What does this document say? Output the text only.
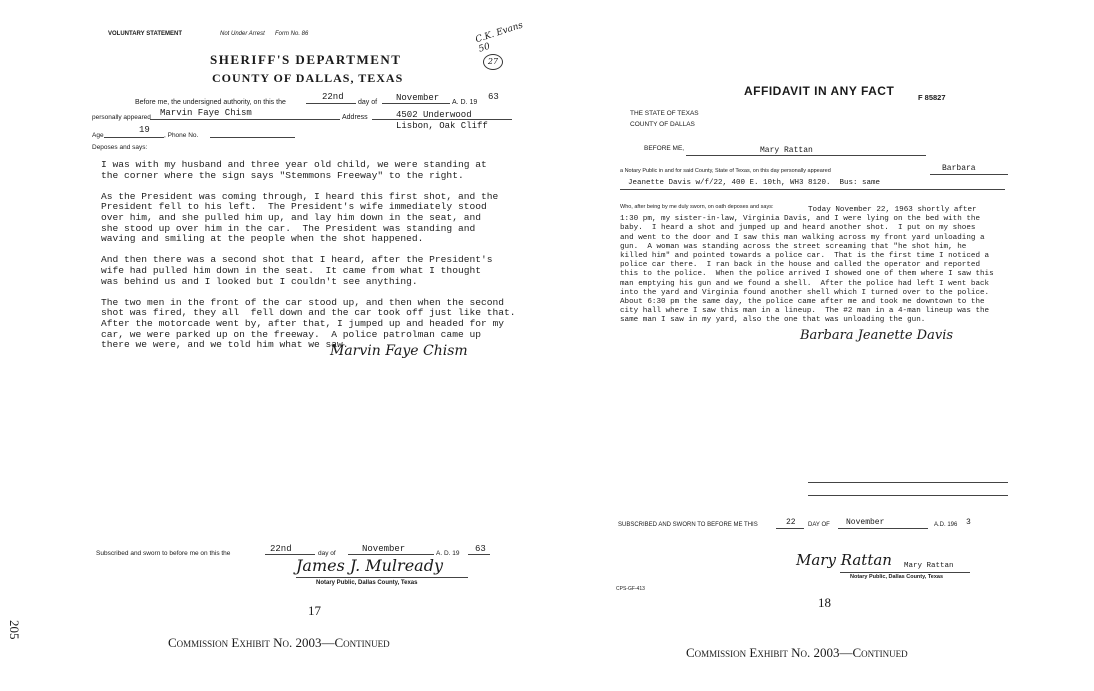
VOLUNTARY STATEMENT	Not Under Arrest Form No. 86	C.K. Evans 50
27
SHERIFF'S DEPARTMENT
COUNTY OF DALLAS, TEXAS
Before me, the undersigned authority, on this the
22nd
day of November A. D. 19
63
personally appeared Marvin Faye Chism	Address	4502 Underwood
Lisbon, Oak Cliff
Age
19
, Phone No.
Deposes and says:
I was with my husband and three year old child, we were standing at
the corner where the sign says "Stemmons Freeway" to the right.

As the President was coming through, I heard this first shot, and the
President fell to his left.  The President's wife immediately stood
over him, and she pulled him up, and lay him down in the seat, and
she stood up over him in the car.  The President was standing and
waving and smiling at the people when the shot happened.

And then there was a second shot that I heard, after the President's
wife had pulled him down in the seat.  It came from what I thought
was behind us and I looked but I couldn't see anything.

The two men in the front of the car stood up, and then when the second
shot was fired, they all  fell down and the car took off just like that.
After the motorcade went by, after that, I jumped up and headed for my
car, we were parked up on the freeway.  A police patrolman came up
there we were, and we told him what we saw.
Marvin Faye Chism
Subscribed and sworn to before me on this the	22nd	day of	November	A. D. 19 63
James J. Mulready
Notary Public, Dallas County, Texas
17
Commission Exhibit No. 2003—Continued
205
AFFIDAVIT IN ANY FACT	F 85827
THE STATE OF TEXAS
COUNTY OF DALLAS
BEFORE ME,	Mary Rattan
a Notary Public in and for said County, State of Texas, on this day personally appeared	Barbara
Jeanette Davis w/f/22, 400 E. 10th, WH3 8120.  Bus: same
Who, after being by me duly sworn, on oath deposes and says:	Today November 22, 1963 shortly after
1:30 pm, my sister-in-law, Virginia Davis, and I were lying on the bed with the
baby.  I heard a shot and jumped up and heard another shot.  I put on my shoes
and went to the door and I saw this man walking across my front yard unloading a
gun.  A woman was standing across the street screaming that "he shot him, he
killed him" and pointed towards a police car.  That is the first time I noticed a
police car there.  I ran back in the house and called the operator and reported
this to the police.  When the police arrived I showed one of them where I saw this
man emptying his gun and we found a shell.  After the police had left I went back
into the yard and Virginia found another shell which I turned over to the police.
About 6:30 pm the same day, the police came after me and took me downtown to the
city hall where I saw this man in a lineup.  The #2 man in a 4-man lineup was the
same man I saw in my yard, also the one that was unloading the gun.
Barbara Jeanette Davis
SUBSCRIBED AND SWORN TO BEFORE ME THIS	22 DAY OF November	A.D. 196 3
Mary Rattan Mary Rattan
Notary Public, Dallas County, Texas
CPS-GF-413
18
Commission Exhibit No. 2003—Continued
